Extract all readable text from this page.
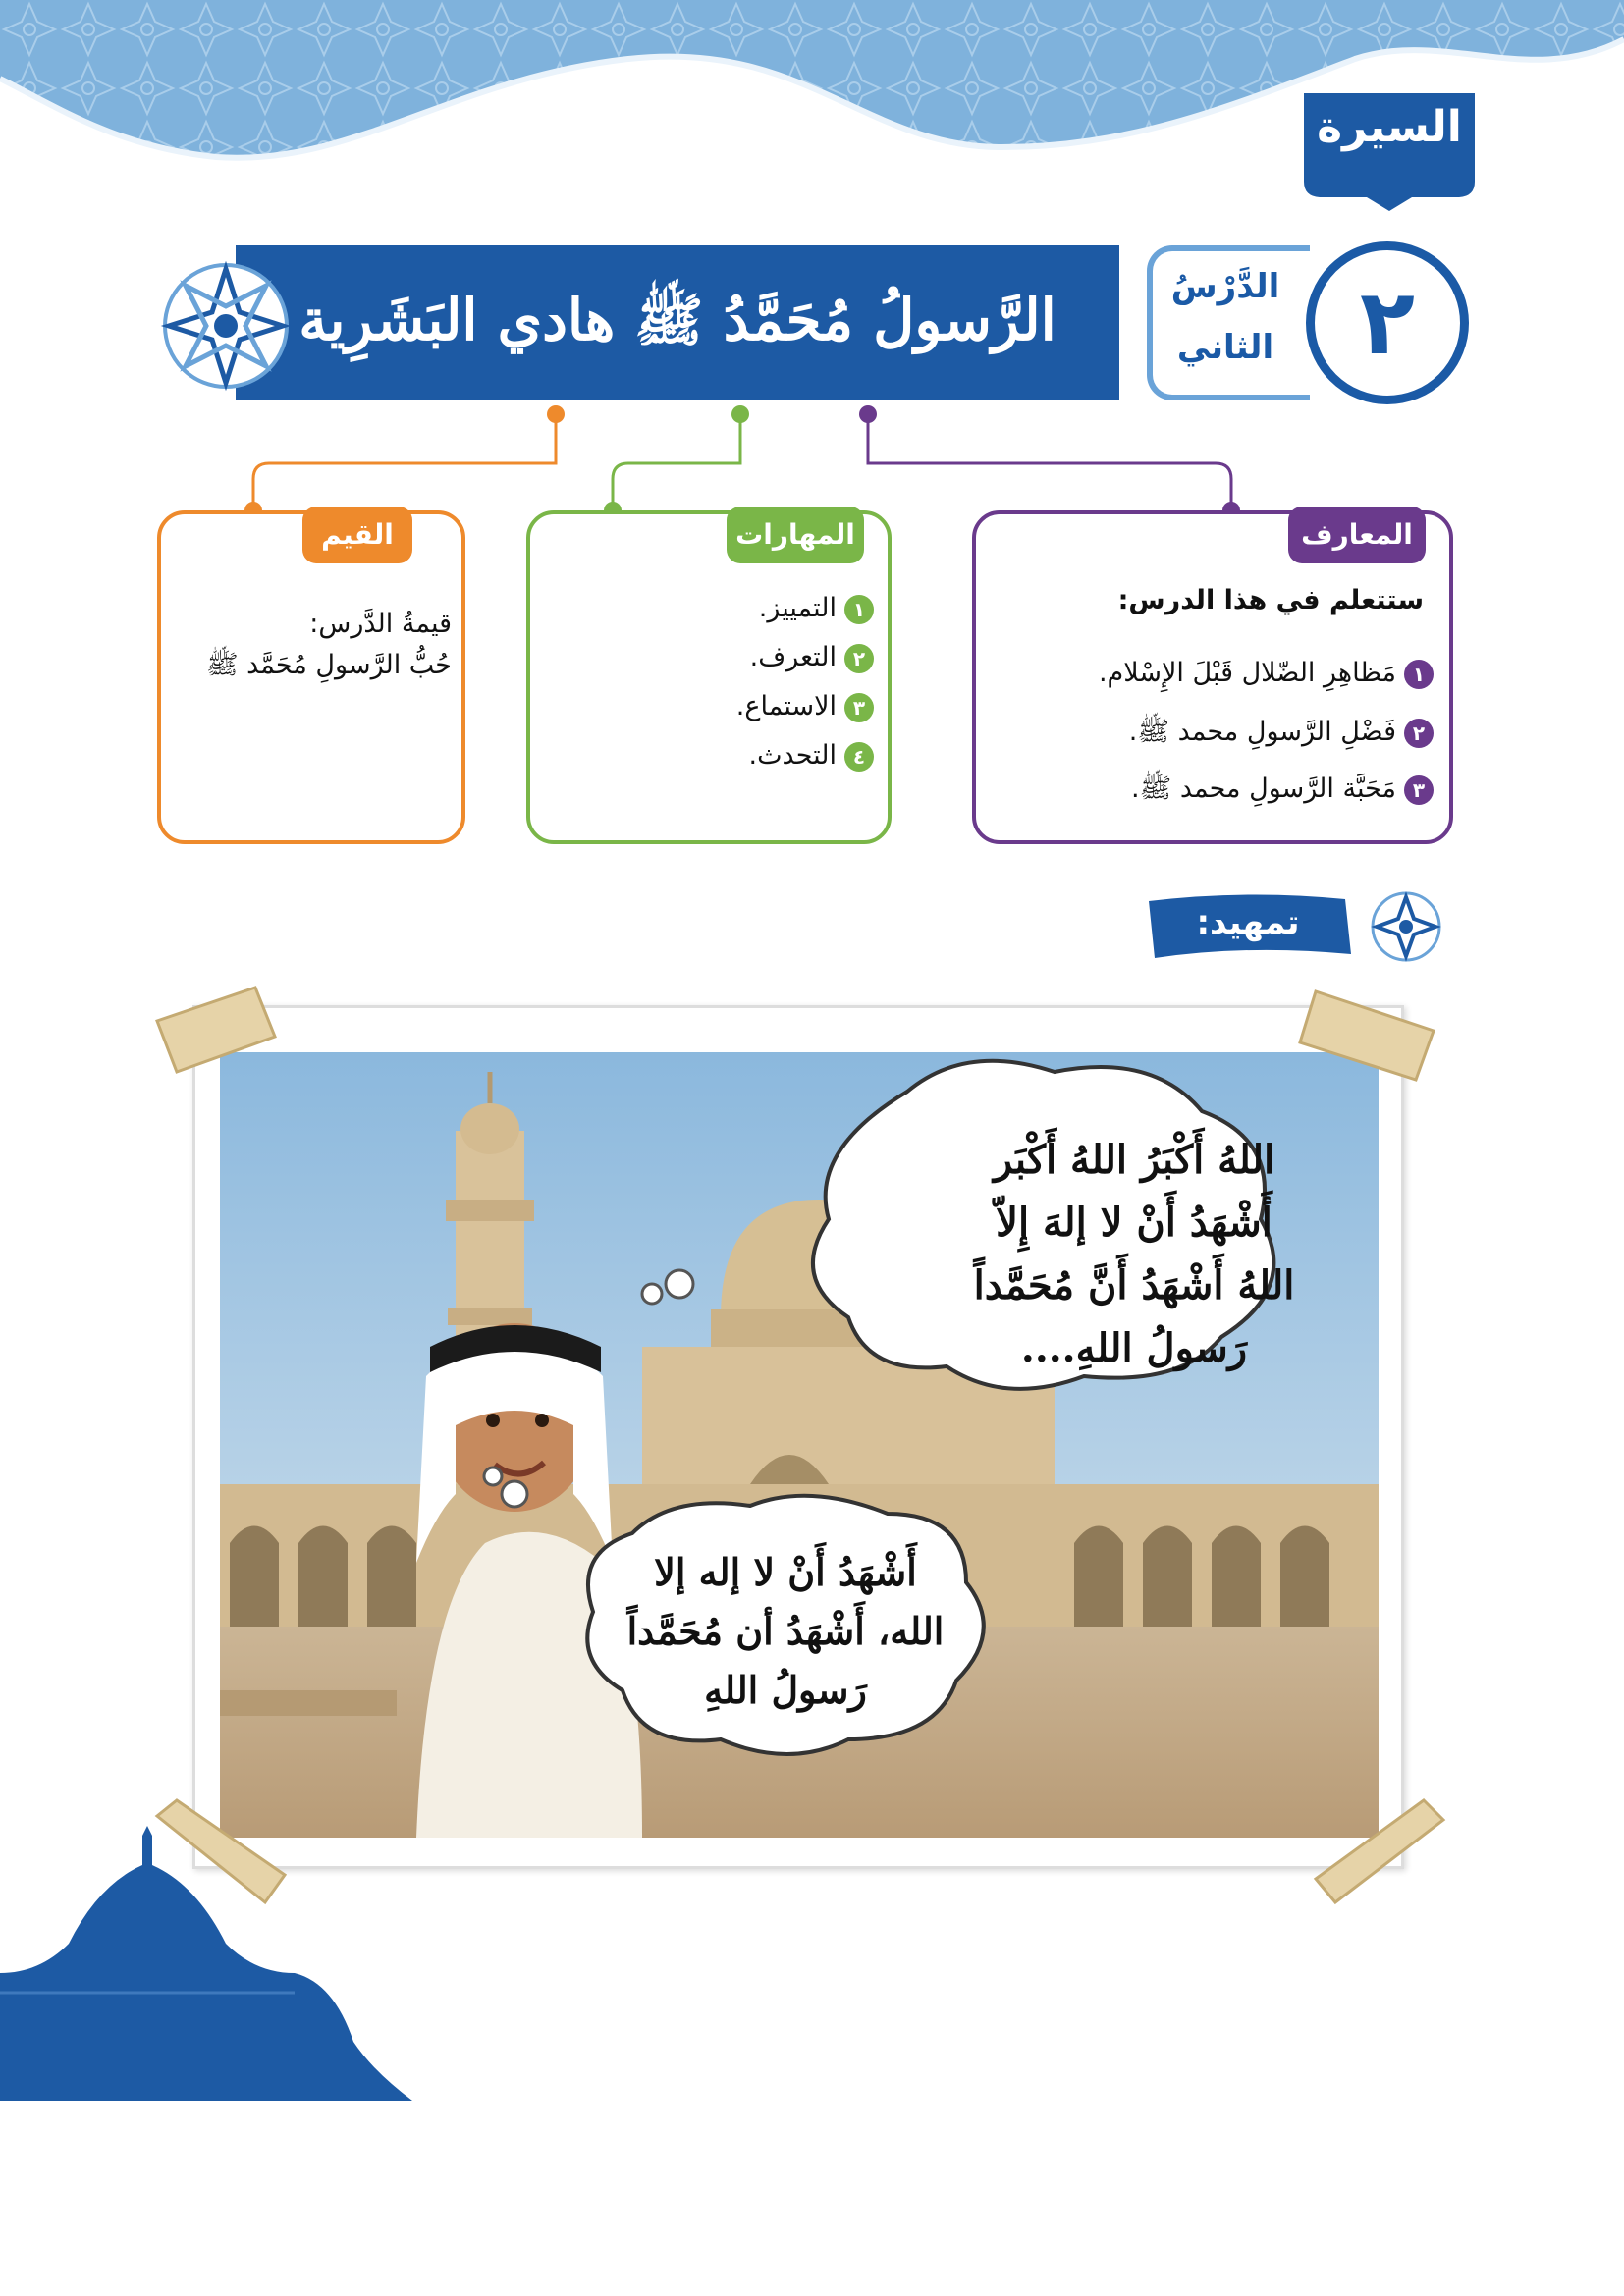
السيرة
الرَّسولُ مُحَمَّدُ ﷺ هادي البَشَرِية	الدَّرْسُ
الثاني ٢
المعارف
ستتعلم في هذا الدرس:
١مَظاهِرِ الضّلال قَبْلَ الإِسْلام.
٢فَضْلِ الرَّسولِ محمد ﷺ.
٣مَحَبَّة الرَّسولِ محمد ﷺ.
المهارات
١التمييز.
٢التعرف.
٣الاستماع.
٤التحدث.
القيم
قيمةُ الدَّرس:
حُبُّ الرَّسولِ مُحَمَّد ﷺ
تمهيد:
اللهُ أَكْبَرُ اللهُ أَكْبَر
أَشْهَدُ أَنْ لا إلهَ إِلاّ
اللهُ أَشْهَدُ أَنَّ مُحَمَّداً
رَسولُ اللهِ....
أَشْهَدُ أَنْ لا إله إلا
الله، أَشْهَدُ أن مُحَمَّداً
رَسولُ اللهِ
٦١
